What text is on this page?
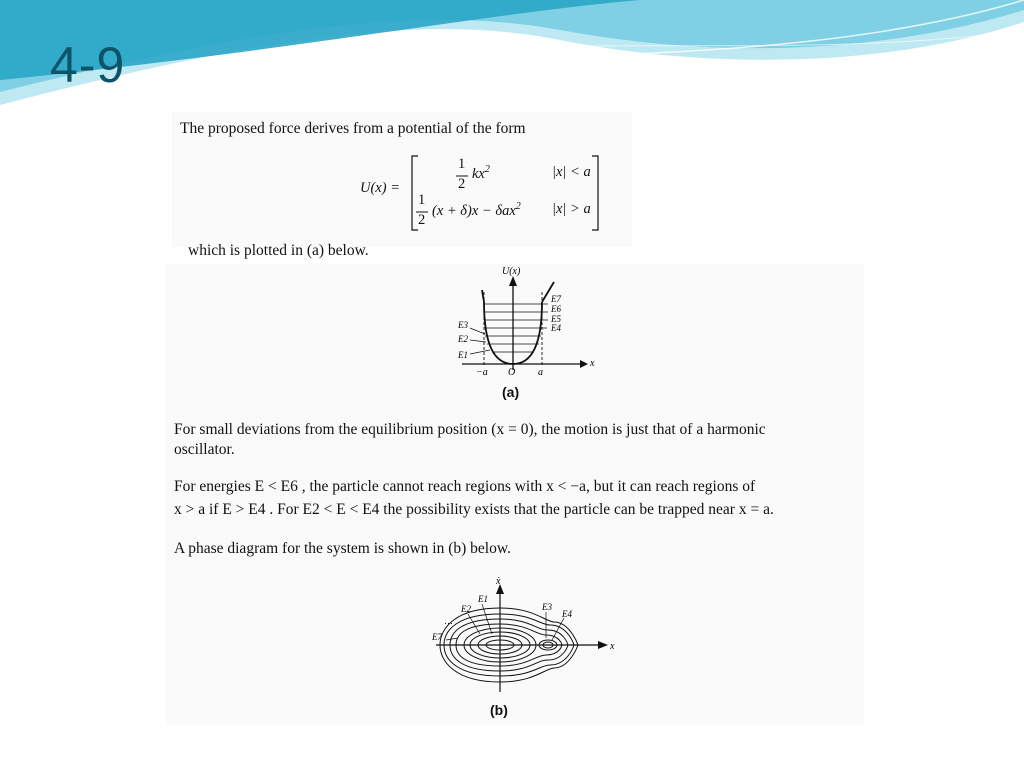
4-9
The proposed force derives from a potential of the form
U(x) =
1
2
$kx^2$	|x| < a
1
2
(x + δ)x − δax$^2$ |x| > a
which is plotted in (a) below.
U(x)
x
−a O a
E3
E2
E1
E7
E6
E5
E4
(a)
For small deviations from the equilibrium position (x = 0), the motion is just that of a harmonic
oscillator.
For energies E < E6 , the particle cannot reach regions with x < −a, but it can reach regions of
x > a if E > E4 . For E2 < E < E4 the possibility exists that the particle can be trapped near x = a.
A phase diagram for the system is shown in (b) below.
ẋ
x
E1
E2	E3
E4
E7
⋯
(b)
